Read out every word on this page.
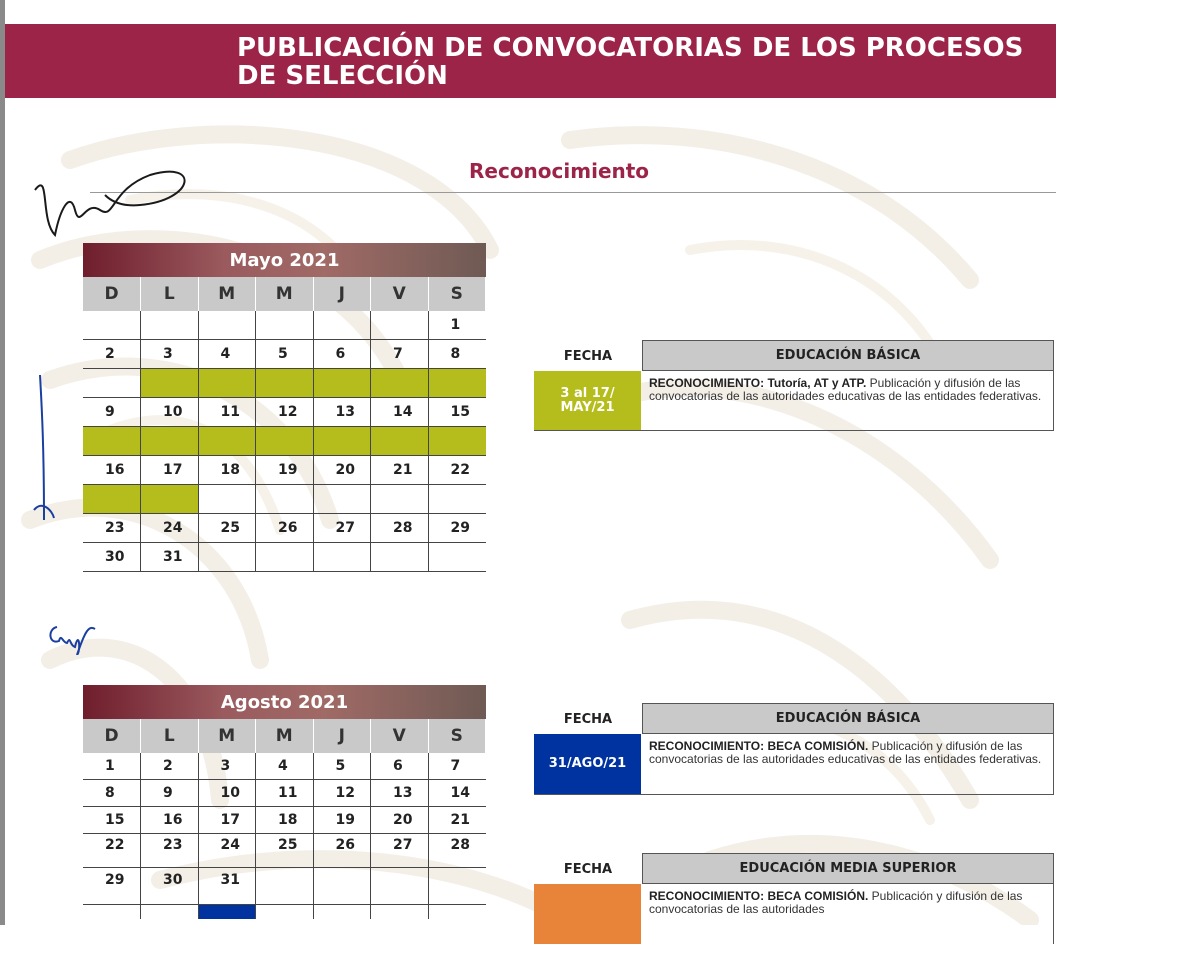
PUBLICACIÓN DE CONVOCATORIAS DE LOS PROCESOS
DE SELECCIÓN
Reconocimiento
Mayo 2021
D	L	M	M	J	V	S
						1
2	3	4	5	6	7	8

9	10	11	12	13	14	15

16	17	18	19	20	21	22

23	24	25	26	27	28	29
30	31					
Agosto 2021
D	L	M	M	J	V	S
1	2	3	4	5	6	7
8	9	10	11	12	13	14
15	16	17	18	19	20	21
22	23	24	25	26	27	28
29	30	31				

FECHA	EDUCACIÓN BÁSICA
3 al 17/
MAY/21
RECONOCIMIENTO: Tutoría, AT y ATP. Publicación y difusión de las convocatorias de las autoridades educativas de las entidades federativas.
FECHA	EDUCACIÓN BÁSICA
31/AGO/21
RECONOCIMIENTO: BECA COMISIÓN. Publicación y difusión de las convocatorias de las autoridades educativas de las entidades federativas.
FECHA	EDUCACIÓN MEDIA SUPERIOR
31/AGO/21
RECONOCIMIENTO: BECA COMISIÓN. Publicación y difusión de las convocatorias de las autoridades
